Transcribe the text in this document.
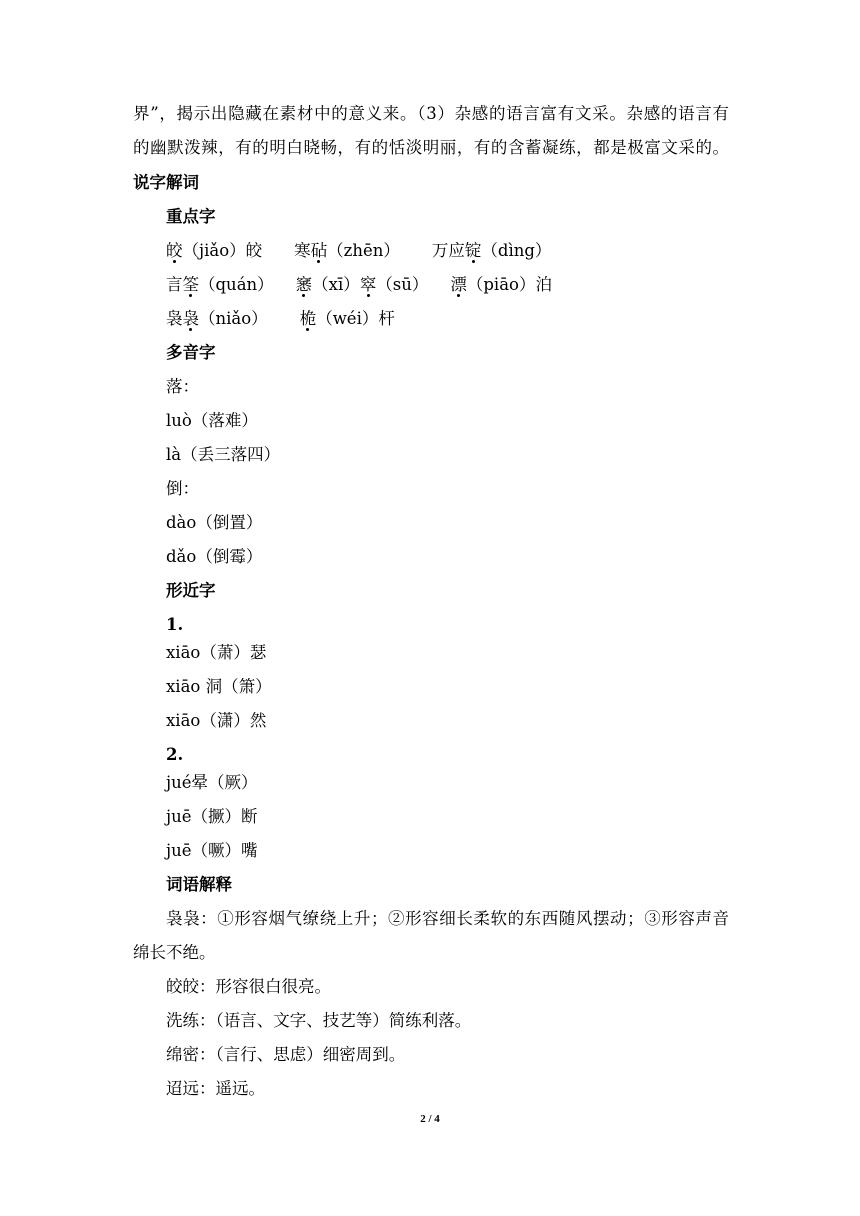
界”，揭示出隐藏在素材中的意义来。（3）杂感的语言富有文采。杂感的语言有
的幽默泼辣，有的明白晓畅，有的恬淡明丽，有的含蓄凝练，都是极富文采的。
说字解词
重点字
皎（jiǎo）皎 寒砧（zhēn） 万应锭（dìng）
言筌（quán） 窸（xī）窣（sū） 漂（piāo）泊
袅袅（niǎo） 桅（wéi）杆
多音字
落：
luò（落难）
là（丢三落四）
倒：
dào（倒置）
dǎo（倒霉）
形近字
1.
xiāo（萧）瑟
xiāo 洞（箫）
xiāo（潇）然
2.
jué晕（厥）
juē（撅）断
juē（噘）嘴
词语解释
袅袅：①形容烟气缭绕上升；②形容细长柔软的东西随风摆动；③形容声音
绵长不绝。
皎皎：形容很白很亮。
洗练：（语言、文字、技艺等）简练利落。
绵密：（言行、思虑）细密周到。
迢远：遥远。
2 / 4
